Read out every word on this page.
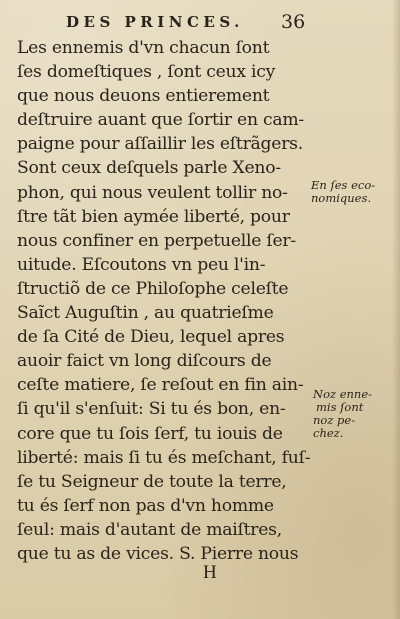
DES PRINCES. 36
Les ennemis d'vn chacun ſont
ſes domeſtiques , ſont ceux icy
que nous deuons entierement
deſtruire auant que ſortir en cam-
paigne pour aſſaillir les eſtrãgers.
Sont ceux deſquels parle Xeno-
phon, qui nous veulent tollir no-
ſtre tãt bien aymée liberté, pour
nous confiner en perpetuelle ſer-
uitude. Eſcoutons vn peu l'in-
ſtructiõ de ce Philoſophe celeſte
Saĩct Auguſtin , au quatrieſme
de ſa Cité de Dieu, lequel apres
auoir faict vn long diſcours de
ceſte matiere, ſe reſout en fin ain-
ſi qu'il s'enſuit: Si tu és bon, en-
core que tu ſois ſerf, tu iouis de
liberté: mais ſi tu és meſchant, fuſ-
ſe tu Seigneur de toute la terre,
tu és ſerf non pas d'vn homme
ſeul: mais d'autant de maiſtres,
que tu as de vices. S. Pierre nous
En ſes eco-
nomiques.
Noz enne-
mis ſont
noz pe-
chez.
H
